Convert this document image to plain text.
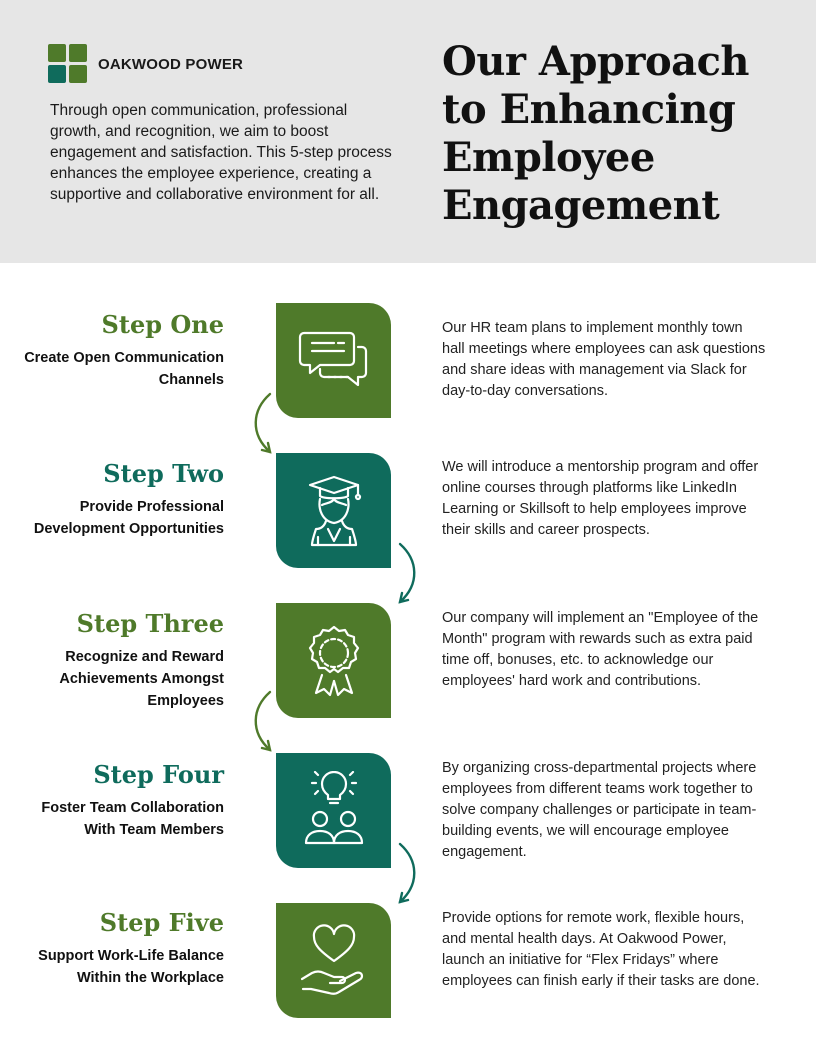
OAKWOOD POWER

Through open communication, professional growth, and recognition, we aim to boost engagement and satisfaction. This 5-step process enhances the employee experience, creating a supportive and collaborative environment for all.

Our Approach to Enhancing Employee Engagement
Step One
Create Open Communication Channels

Our HR team plans to implement monthly town hall meetings where employees can ask questions and share ideas with management via Slack for day-to-day conversations.

Step Two
Provide Professional Development Opportunities

We will introduce a mentorship program and offer online courses through platforms like LinkedIn Learning or Skillsoft to help employees improve their skills and career prospects.

Step Three
Recognize and Reward Achievements Amongst Employees

Our company will implement an "Employee of the Month" program with rewards such as extra paid time off, bonuses, etc. to acknowledge our employees' hard work and contributions.

Step Four
Foster Team Collaboration With Team Members

By organizing cross-departmental projects where employees from different teams work together to solve company challenges or participate in team-building events, we will encourage employee engagement.

Step Five
Support Work-Life Balance Within the Workplace

Provide options for remote work, flexible hours, and mental health days. At Oakwood Power, launch an initiative for “Flex Fridays” where employees can finish early if their tasks are done.
